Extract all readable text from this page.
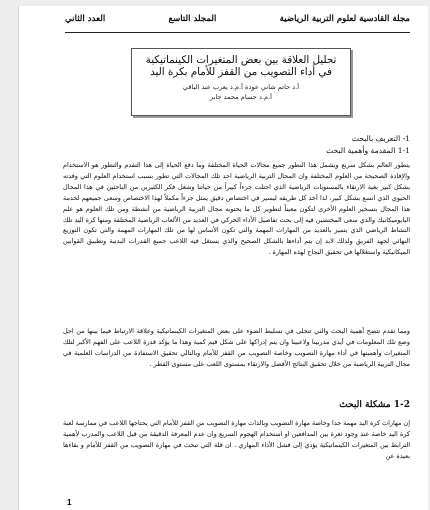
مجلة القادسية لعلوم التربية الرياضية
المجلد التاسع
العدد الثاني
تحليل العلاقة بين بعض المتغيرات الكينماتيكية
في أداء التصويب من القفز للأمام بكرة اليد
أ.د حاتم شاني عودة أ.م.د يعرب عبد الباقي
أ.م.د جسام محمد جابر
1- التعريف بالبحث
1-1 المقدمة وأهمية البحث
يتطور العالم بشكل سريع ويشمل هذا التطور جميع مجالات الحياة المختلفة وما دفع الحياة إلى هذا التقدم والتطور هو الاستخدام والإفادة الصحيحة من العلوم المختلفة وان المجال التربية الرياضية احد تلك المجالات التي تطور بسبب استخدام العلوم التي وفدته بشكل كبير بغية الارتقاء بالمستويات الرياضية الذي احتلت جزءاً كبيراً من حياتنا وشغل فكر الكثيرين من الباحثين في هذا المجال الحيوي الذي اتسع بشكل كبير، لذا أخذ كل طريقه ليسير في اختصاص دقيق يمثل جزءاً مكملاً لهذا الاختصاص وسعى جميعهم لخدمة هذا المجال بتسخير العلوم الأخرى لتكون معيناً لتطوير كل ما يحتويه مجال التربية الرياضية من أنشطة ومن تلك العلوم هو علم البايوميكانيك والذي سعى المختصين فيه إلى بحث تفاصيل الأداء الحركي في العديد من الألعاب الرياضية المختلفة ومنها كرة اليد تلك النشاط الرياضي الذي يتميز بالعديد من المهارات المهمة والتي تكون الأساس لها من تلك المهارات المهمة والتي تكون التوزيع النهائي لجهد الفريق ولذلك لابد إن يتم أداءها بالشكل الصحيح والذي يستغل فيه اللاعب جميع القدرات البدنية وتطبيق القوانين الميكانيكية واستغلالها في تحقيق النجاح لهذه المهارة .
ومما تقدم تتضح أهمية البحث والتي تتجلى في تسليط الضوء على بعض المتغيرات الكينماتيكية وعلاقة الارتباط فيما بينها من اجل وضع تلك المعلومات في أيدي مدربينا ولاعبينا وان يتم إدراكها على شكل قيم كمية وهذا ما يؤكد قدرة اللاعب على الفهم الأكبر لتلك المتغيرات وأهميتها في أداء مهارة التصويب وخاصة التصويب من القفز للأمام وبالتالي تحقيق الاستفادة من الدراسات العلمية في مجال التربية الرياضية من خلال تحقيق النتائج الأفضل والارتقاء بمستوى اللعب على مستوى القطر .
1-2 مشكلة البحث
إن مهارات كرة اليد مهمة جدا وخاصة مهارة التصويب وبالذات مهارة التصويب من القفز للأمام التي يحتاجها اللاعب في ممارسة لعبة كرة اليد خاصة عند وجود ثغرة بين المدافعين او استخدام الهجوم السريع وان عدم المعرفة الدقيقة من قبل اللاعب والمدرب لأهمية الترابط بين المتغيرات الكينماتيكية يؤدي إلى فشل الأداء المهاري ، ان قلة التي تبحث في مهارة التصويب من القفز للأمام و بقاءها بعيدة عن
1
